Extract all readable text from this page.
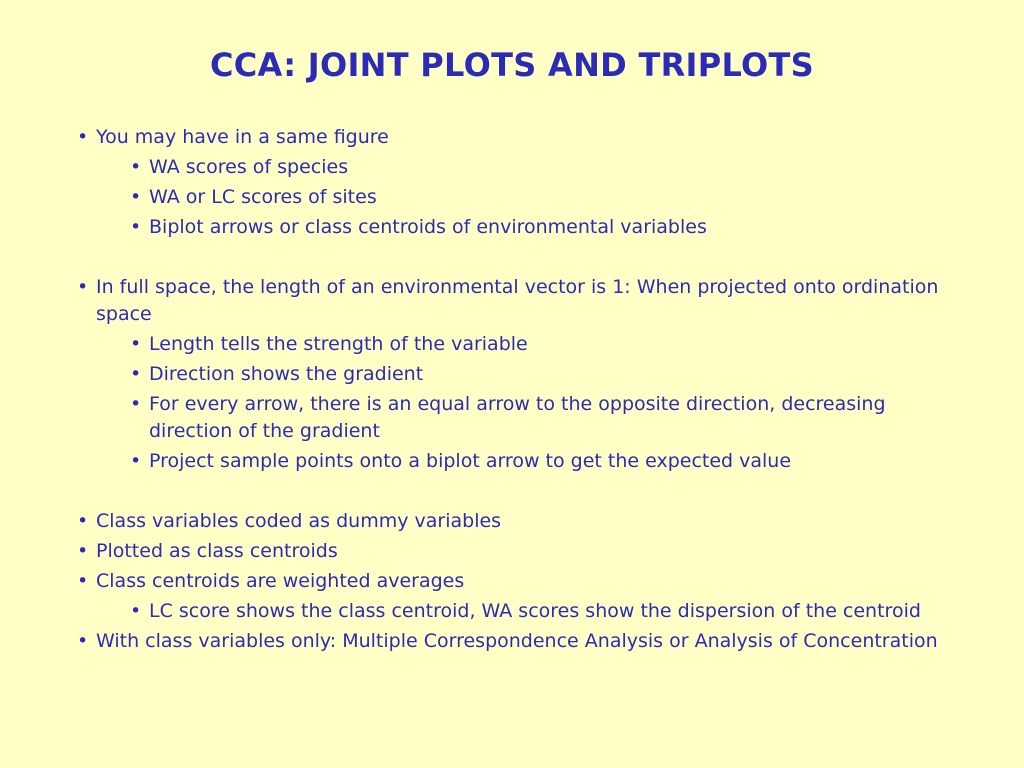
CCA: JOINT PLOTS AND TRIPLOTS
• You may have in a same figure
• WA scores of species
• WA or LC scores of sites
• Biplot arrows or class centroids of environmental variables
• In full space, the length of an environmental vector is 1: When projected onto ordination space
• Length tells the strength of the variable
• Direction shows the gradient
• For every arrow, there is an equal arrow to the opposite direction, decreasing direction of the gradient
• Project sample points onto a biplot arrow to get the expected value
• Class variables coded as dummy variables
• Plotted as class centroids
• Class centroids are weighted averages
• LC score shows the class centroid, WA scores show the dispersion of the centroid
• With class variables only: Multiple Correspondence Analysis or Analysis of Concentration
